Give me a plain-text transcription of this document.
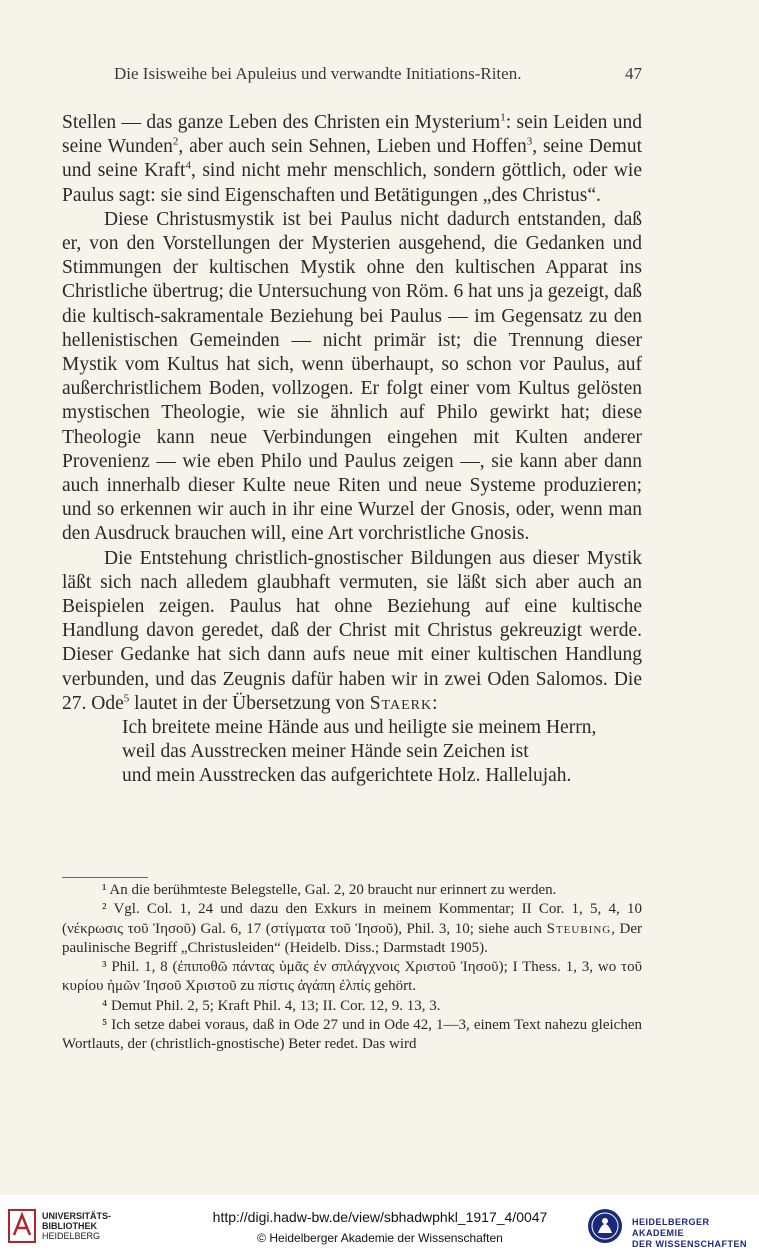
Die Isisweihe bei Apuleius und verwandte Initiations-Riten.	47

Stellen — das ganze Leben des Christen ein Mysterium$^1$: sein Leiden und seine Wunden$^2$, aber auch sein Sehnen, Lieben und Hoffen$^3$, seine Demut und seine Kraft$^4$, sind nicht mehr menschlich, sondern göttlich, oder wie Paulus sagt: sie sind Eigenschaften und Betätigungen „des Christus“.

Diese Christusmystik ist bei Paulus nicht dadurch entstanden, daß er, von den Vorstellungen der Mysterien ausgehend, die Gedanken und Stimmungen der kultischen Mystik ohne den kultischen Apparat ins Christliche übertrug; die Untersuchung von Röm. 6 hat uns ja gezeigt, daß die kultisch-sakramentale Beziehung bei Paulus — im Gegensatz zu den hellenistischen Gemeinden — nicht primär ist; die Trennung dieser Mystik vom Kultus hat sich, wenn überhaupt, so schon vor Paulus, auf außerchristlichem Boden, vollzogen. Er folgt einer vom Kultus gelösten mystischen Theologie, wie sie ähnlich auf Philo gewirkt hat; diese Theologie kann neue Verbindungen eingehen mit Kulten anderer Provenienz — wie eben Philo und Paulus zeigen —, sie kann aber dann auch innerhalb dieser Kulte neue Riten und neue Systeme produzieren; und so erkennen wir auch in ihr eine Wurzel der Gnosis, oder, wenn man den Ausdruck brauchen will, eine Art vorchristliche Gnosis.

Die Entstehung christlich-gnostischer Bildungen aus dieser Mystik läßt sich nach alledem glaubhaft vermuten, sie läßt sich aber auch an Beispielen zeigen. Paulus hat ohne Beziehung auf eine kultische Handlung davon geredet, daß der Christ mit Christus gekreuzigt werde. Dieser Gedanke hat sich dann aufs neue mit einer kultischen Handlung verbunden, und das Zeugnis dafür haben wir in zwei Oden Salomos. Die 27. Ode$^5$ lautet in der Übersetzung von Staerk:

Ich breitete meine Hände aus und heiligte sie meinem Herrn,
weil das Ausstrecken meiner Hände sein Zeichen ist
und mein Ausstrecken das aufgerichtete Holz. Hallelujah.

¹ An die berühmteste Belegstelle, Gal. 2, 20 braucht nur erinnert zu werden.

² Vgl. Col. 1, 24 und dazu den Exkurs in meinem Kommentar; II Cor. 1, 5, 4, 10 (νέκρωσις τοῦ Ἰησοῦ) Gal. 6, 17 (στίγματα τοῦ Ἰησοῦ), Phil. 3, 10; siehe auch Steubing, Der paulinische Begriff „Christusleiden“ (Heidelb. Diss.; Darmstadt 1905).

³ Phil. 1, 8 (ἐπιποθῶ πάντας ὑμᾶς ἐν σπλάγχνοις Χριστοῦ Ἰησοῦ); I Thess. 1, 3, wo τοῦ κυρίου ἡμῶν Ἰησοῦ Χριστοῦ zu πίστις ἀγάπη ἐλπίς gehört.

⁴ Demut Phil. 2, 5; Kraft Phil. 4, 13; II. Cor. 12, 9. 13, 3.

⁵ Ich setze dabei voraus, daß in Ode 27 und in Ode 42, 1—3, einem Text nahezu gleichen Wortlauts, der (christlich-gnostische) Beter redet. Das wird

UNIVERSITÄTS-
BIBLIOTHEK
HEIDELBERG
http://digi.hadw-bw.de/view/sbhadwphkl_1917_4/0047
© Heidelberger Akademie der Wissenschaften
HEIDELBERGER AKADEMIE
DER WISSENSCHAFTEN
